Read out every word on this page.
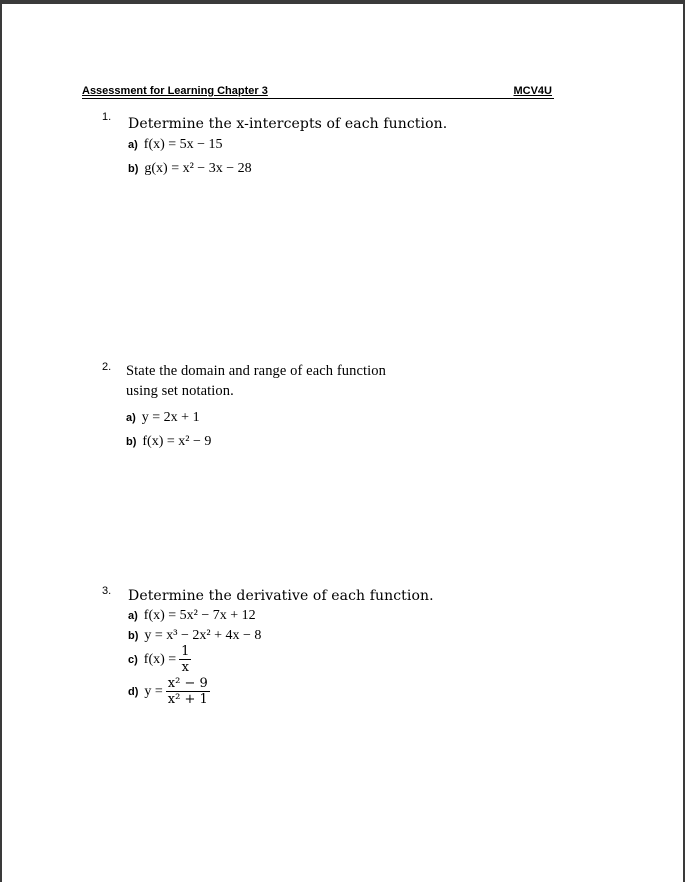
Assessment for Learning Chapter 3	MCV4U
1. Determine the x-intercepts of each function.
a) f(x) = 5x − 15
b) g(x) = x² − 3x − 28
2. State the domain and range of each function
using set notation.
a) y = 2x + 1
b) f(x) = x² − 9
3. Determine the derivative of each function.
a) f(x) = 5x² − 7x + 12
b) y = x³ − 2x² + 4x − 8
c) $f(x) = \frac{1}{x}$
d) $y = \frac{\text{x² − 9}}{\text{x² + 1}}$
